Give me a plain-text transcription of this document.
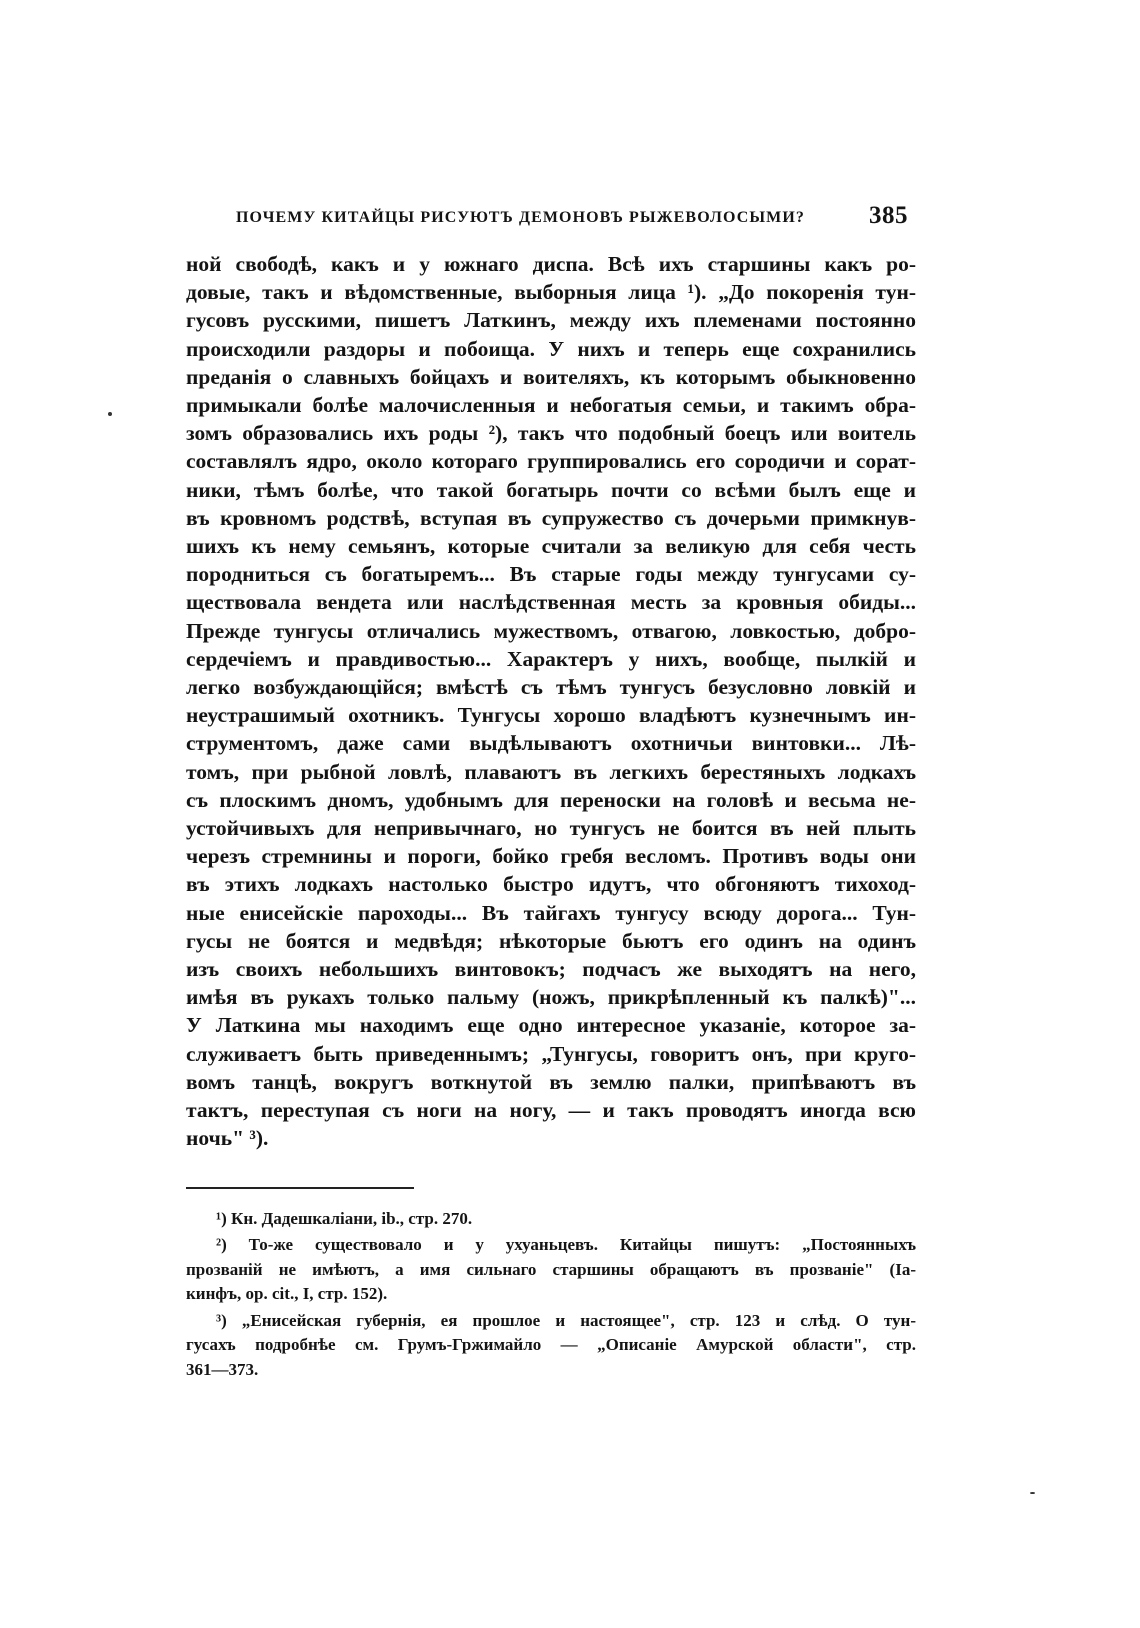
ПОЧЕМУ КИТАЙЦЫ РИСУЮТЪ ДЕМОНОВЪ РЫЖЕВОЛОСЫМИ?	385
ной свободѣ, какъ и у южнаго диспа. Всѣ ихъ старшины какъ ро-
довые, такъ и вѣдомственные, выборныя лица ¹). „До покоренія тун-
гусовъ русскими, пишетъ Латкинъ, между ихъ племенами постоянно
происходили раздоры и побоища. У нихъ и теперь еще сохранились
преданія о славныхъ бойцахъ и воителяхъ, къ которымъ обыкновенно
примыкали болѣе малочисленныя и небогатыя семьи, и такимъ обра-
зомъ образовались ихъ роды ²), такъ что подобный боецъ или воитель
составлялъ ядро, около котораго группировались его сородичи и сорат-
ники, тѣмъ болѣе, что такой богатырь почти со всѣми былъ еще и
въ кровномъ родствѣ, вступая въ супружество съ дочерьми примкнув-
шихъ къ нему семьянъ, которые считали за великую для себя честь
породниться съ богатыремъ... Въ старые годы между тунгусами су-
ществовала вендета или наслѣдственная месть за кровныя обиды...
Прежде тунгусы отличались мужествомъ, отвагою, ловкостью, добро-
сердечіемъ и правдивостью... Характеръ у нихъ, вообще, пылкій и
легко возбуждающійся; вмѣстѣ съ тѣмъ тунгусъ безусловно ловкій и
неустрашимый охотникъ. Тунгусы хорошо владѣютъ кузнечнымъ ин-
струментомъ, даже сами выдѣлываютъ охотничьи винтовки... Лѣ-
томъ, при рыбной ловлѣ, плаваютъ въ легкихъ берестяныхъ лодкахъ
съ плоскимъ дномъ, удобнымъ для переноски на головѣ и весьма не-
устойчивыхъ для непривычнаго, но тунгусъ не боится въ ней плыть
черезъ стремнины и пороги, бойко гребя весломъ. Противъ воды они
въ этихъ лодкахъ настолько быстро идутъ, что обгоняютъ тихоход-
ные енисейскіе пароходы... Въ тайгахъ тунгусу всюду дорога... Тун-
гусы не боятся и медвѣдя; нѣкоторые бьютъ его одинъ на одинъ
изъ своихъ небольшихъ винтовокъ; подчасъ же выходятъ на него,
имѣя въ рукахъ только пальму (ножъ, прикрѣпленный къ палкѣ)"...
У Латкина мы находимъ еще одно интересное указаніе, которое за-
служиваетъ быть приведеннымъ; „Тунгусы, говоритъ онъ, при круго-
вомъ танцѣ, вокругъ воткнутой въ землю палки, припѣваютъ въ
тактъ, переступая съ ноги на ногу, — и такъ проводятъ иногда всю
ночь" ³).
¹) Кн. Дадешкаліани, ib., стр. 270.
²) То-же существовало и у ухуаньцевъ. Китайцы пишутъ: „Постоянныхъ
прозваній не имѣютъ, а имя сильнаго старшины обращаютъ въ прозваніе" (Іа-
кинфъ, op. cit., I, стр. 152).
³) „Енисейская губернія, ея прошлое и настоящее", стр. 123 и слѣд. О тун-
гусахъ подробнѣе см. Грумъ-Гржимайло — „Описаніе Амурской области", стр.
361—373.
